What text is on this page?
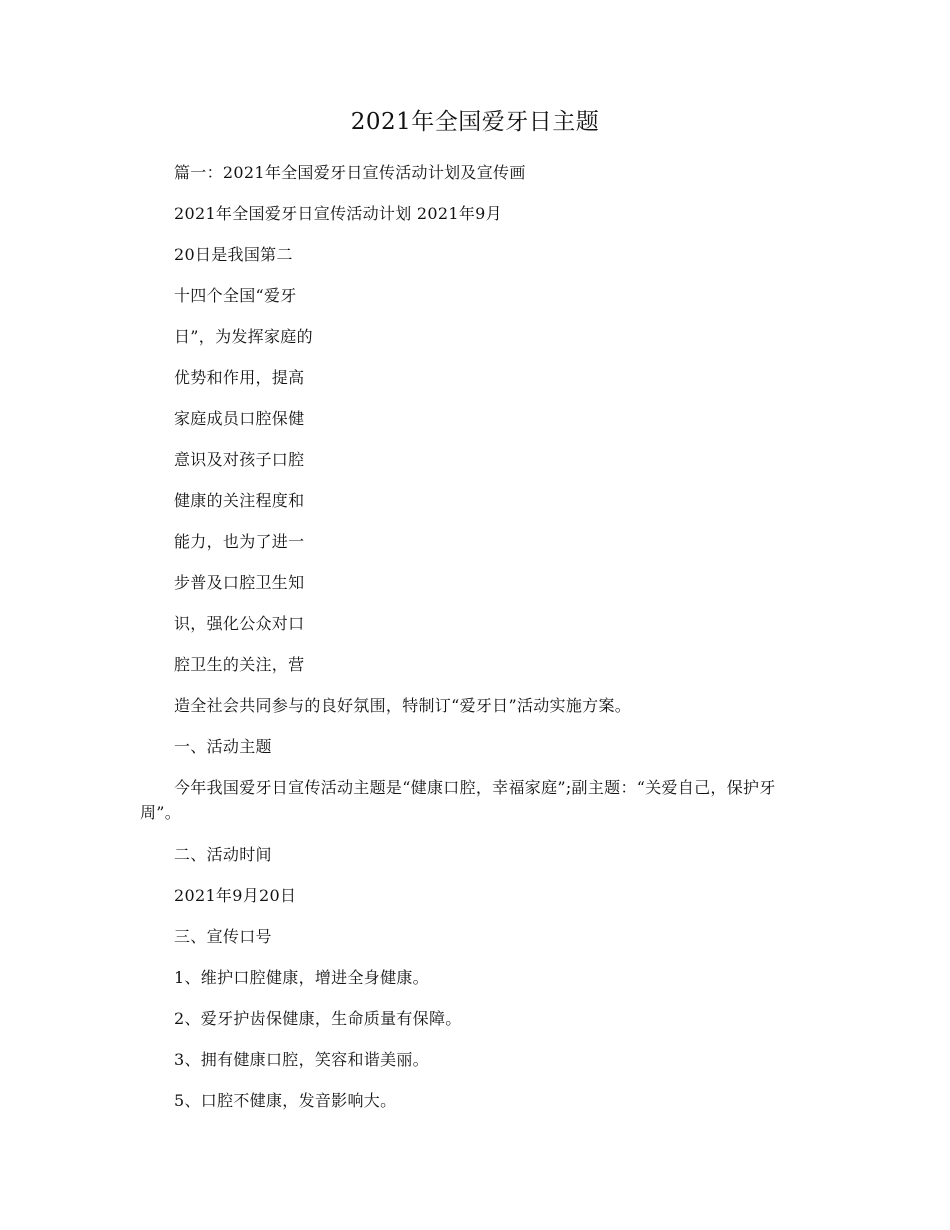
2021年全国爱牙日主题
篇一：2021年全国爱牙日宣传活动计划及宣传画
2021年全国爱牙日宣传活动计划 2021年9月
20日是我国第二
十四个全国“爱牙
日”，为发挥家庭的
优势和作用，提高
家庭成员口腔保健
意识及对孩子口腔
健康的关注程度和
能力，也为了进一
步普及口腔卫生知
识，强化公众对口
腔卫生的关注，营
造全社会共同参与的良好氛围，特制订“爱牙日”活动实施方案。
一、活动主题
今年我国爱牙日宣传活动主题是“健康口腔，幸福家庭”;副主题：“关爱自己，保护牙周”。
二、活动时间
2021年9月20日
三、宣传口号
1、维护口腔健康，增进全身健康。
2、爱牙护齿保健康，生命质量有保障。
3、拥有健康口腔，笑容和谐美丽。
5、口腔不健康，发音影响大。
